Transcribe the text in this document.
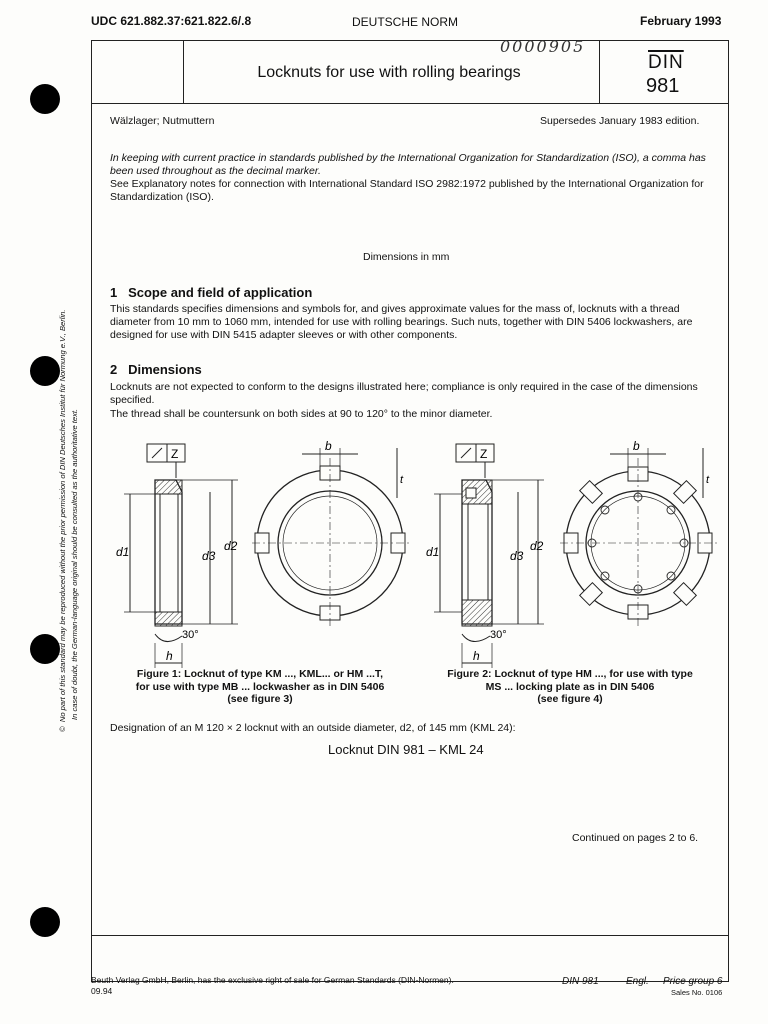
©  No part of this standard may be reproduced without the prior permission of DIN Deutsches Institut für Normung e.V., Berlin. In case of doubt, the German-language original should be consulted as the authoritative text.
UDC 621.882.37:621.822.6/.8	DEUTSCHE NORM	February 1993
Locknuts for use with rolling bearings
0000905
$\overline{DIN}$
981
Wälzlager; Nutmuttern	Supersedes January 1983 edition.
In keeping with current practice in standards published by the International Organization for Standardization (ISO), a comma has been used throughout as the decimal marker.
See Explanatory notes for connection with International Standard ISO 2982:1972 published by the International Organization for Standardization (ISO).
Dimensions in mm
1 Scope and field of application
This standards specifies dimensions and symbols for, and gives approximate values for the mass of, locknuts with a thread diameter from 10 mm to 1060 mm, intended for use with rolling bearings. Such nuts, together with DIN 5406 lockwashers, are designed for use with DIN 5415 adapter sleeves or with other components.
2 Dimensions
Locknuts are not expected to conform to the designs illustrated here; compliance is only required in the case of the dimensions specified.
The thread shall be countersunk on both sides at 90 to 120° to the minor diameter.
Z
d1	d3
d2
30°
h
b
t
Z
d1	d3
d2
30°
h
b
t
Figure 1: Locknut of type KM ..., KML... or HM ...T,
for use with type MB ... lockwasher as in DIN 5406
(see figure 3)
Figure 2: Locknut of type HM ..., for use with type
MS ... locking plate as in DIN 5406
(see figure 4)
Designation of an M 120 × 2 locknut with an outside diameter, d2, of 145 mm (KML 24):
Locknut DIN 981 – KML 24
Continued on pages 2 to 6.
Beuth Verlag GmbH, Berlin, has the exclusive right of sale for German Standards (DIN-Normen).
09.94
DIN 981	Engl. Price group 6
Sales No. 0106
